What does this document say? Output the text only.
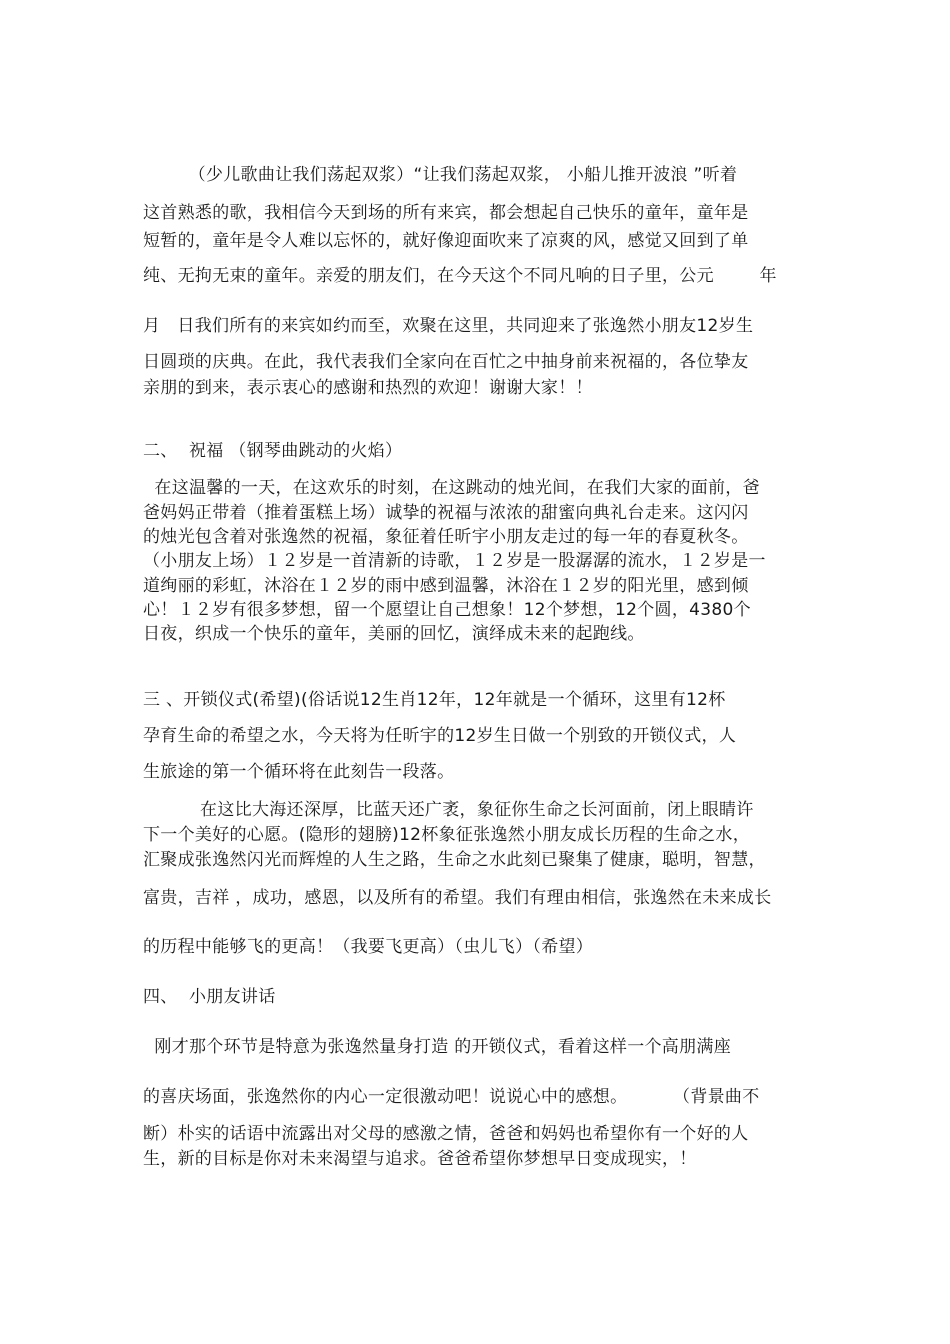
（少儿歌曲让我们荡起双浆）“让我们荡起双浆， 小船儿推开波浪 ”听着
这首熟悉的歌，我相信今天到场的所有来宾，都会想起自己快乐的童年，童年是
短暂的，童年是令人难以忘怀的，就好像迎面吹来了凉爽的风，感觉又回到了单
纯、无拘无束的童年。亲爱的朋友们，在今天这个不同凡响的日子里，公元        年
月   日我们所有的来宾如约而至，欢聚在这里，共同迎来了张逸然小朋友12岁生
日圆琐的庆典。在此，我代表我们全家向在百忙之中抽身前来祝福的，各位挚友
亲朋的到来，表示衷心的感谢和热烈的欢迎！谢谢大家！！
二、  祝福 （钢琴曲跳动的火焰）
在这温馨的一天，在这欢乐的时刻，在这跳动的烛光间，在我们大家的面前，爸
爸妈妈正带着（推着蛋糕上场）诚挚的祝福与浓浓的甜蜜向典礼台走来。这闪闪
的烛光包含着对张逸然的祝福，象征着任昕宇小朋友走过的每一年的春夏秋冬。
（小朋友上场）１２岁是一首清新的诗歌，１２岁是一股潺潺的流水，１２岁是一
道绚丽的彩虹，沐浴在１２岁的雨中感到温馨，沐浴在１２岁的阳光里，感到倾
心！１２岁有很多梦想，留一个愿望让自己想象！12个梦想，12个圆，4380个
日夜，织成一个快乐的童年，美丽的回忆，演绎成未来的起跑线。
三 、开锁仪式(希望)(俗话说12生肖12年，12年就是一个循环，这里有12杯
孕育生命的希望之水，今天将为任昕宇的12岁生日做一个别致的开锁仪式，人
生旅途的第一个循环将在此刻告一段落。
在这比大海还深厚，比蓝天还广袤，象征你生命之长河面前，闭上眼睛许
下一个美好的心愿。(隐形的翅膀)12杯象征张逸然小朋友成长历程的生命之水，
汇聚成张逸然闪光而辉煌的人生之路，生命之水此刻已聚集了健康，聪明，智慧，
富贵，吉祥 ，成功，感恩，以及所有的希望。我们有理由相信，张逸然在未来成长
的历程中能够飞的更高！（我要飞更高）（虫儿飞）（希望）
四、  小朋友讲话
刚才那个环节是特意为张逸然量身打造 的开锁仪式，看着这样一个高朋满座
的喜庆场面，张逸然你的内心一定很激动吧！说说心中的感想。        （背景曲不
断）朴实的话语中流露出对父母的感激之情，爸爸和妈妈也希望你有一个好的人
生，新的目标是你对未来渴望与追求。爸爸希望你梦想早日变成现实，！
